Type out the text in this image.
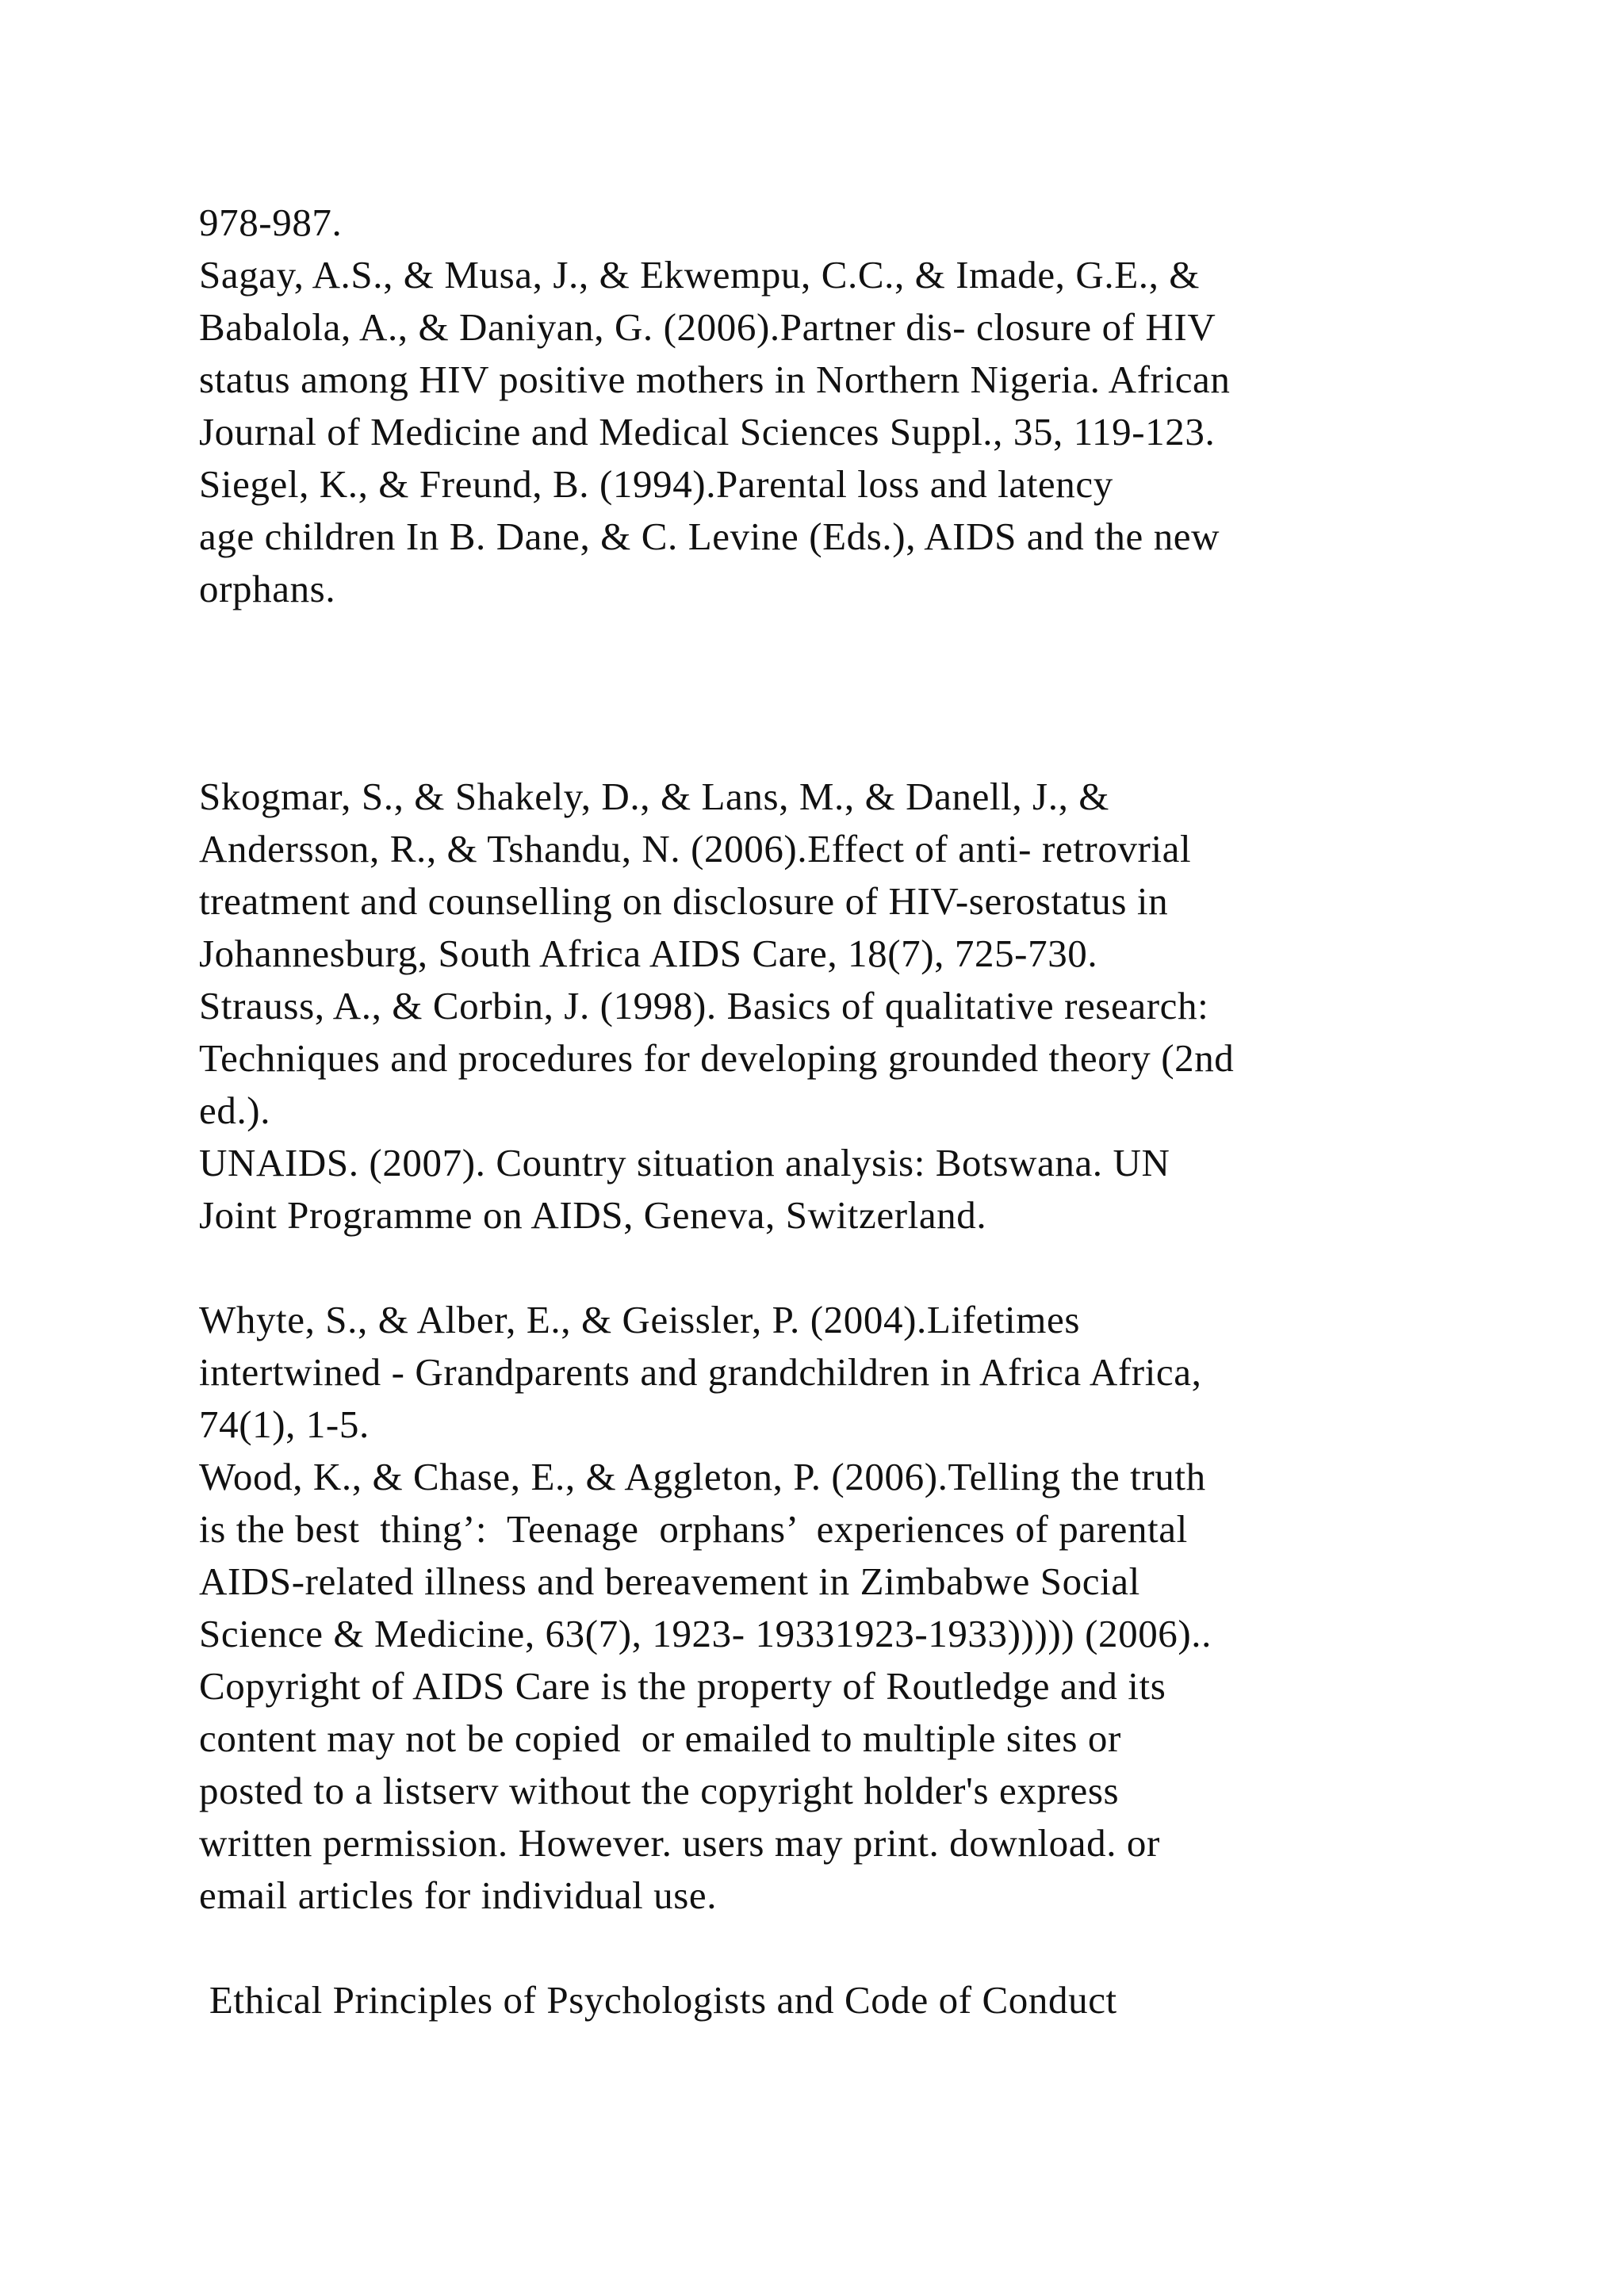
978-987.
Sagay, A.S., & Musa, J., & Ekwempu, C.C., & Imade, G.E., &
Babalola, A., & Daniyan, G. (2006).Partner dis- closure of HIV
status among HIV positive mothers in Northern Nigeria. African
Journal of Medicine and Medical Sciences Suppl., 35, 119-123.
Siegel, K., & Freund, B. (1994).Parental loss and latency
age children In B. Dane, & C. Levine (Eds.), AIDS and the new
orphans.
Skogmar, S., & Shakely, D., & Lans, M., & Danell, J., &
Andersson, R., & Tshandu, N. (2006).Effect of anti- retrovrial
treatment and counselling on disclosure of HIV-serostatus in
Johannesburg, South Africa AIDS Care, 18(7), 725-730.
Strauss, A., & Corbin, J. (1998). Basics of qualitative research:
Techniques and procedures for developing grounded theory (2nd
ed.).
UNAIDS. (2007). Country situation analysis: Botswana. UN
Joint Programme on AIDS, Geneva, Switzerland.
Whyte, S., & Alber, E., & Geissler, P. (2004).Lifetimes
intertwined - Grandparents and grandchildren in Africa Africa,
74(1), 1-5.
Wood, K., & Chase, E., & Aggleton, P. (2006).Telling the truth
is the best  thing’:  Teenage  orphans’  experiences of parental
AIDS-related illness and bereavement in Zimbabwe Social
Science & Medicine, 63(7), 1923- 19331923-1933))))) (2006)..
Copyright of AIDS Care is the property of Routledge and its
content may not be copied  or emailed to multiple sites or
posted to a listserv without the copyright holder's express
written permission. However. users may print. download. or
email articles for individual use.
Ethical Principles of Psychologists and Code of Conduct
